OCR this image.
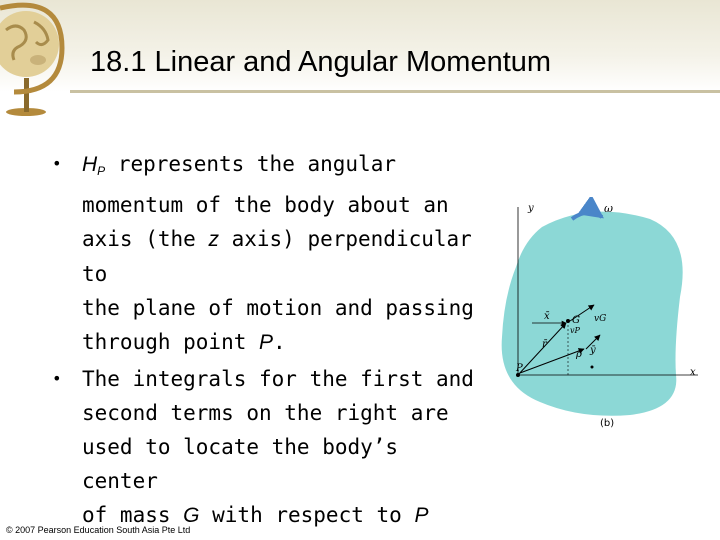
18.1 Linear and Angular Momentum
• $H_P$ represents the angular
momentum of the body about an
axis (the z axis) perpendicular to
the plane of motion and passing
through point P.
• The integrals for the first and
second terms on the right are
used to locate the body’s center
of mass G with respect to P
y	ω
x̄ G vG
r̄
ρ ȳ
vP
P	x
(b)
© 2007 Pearson Education South Asia Pte Ltd
